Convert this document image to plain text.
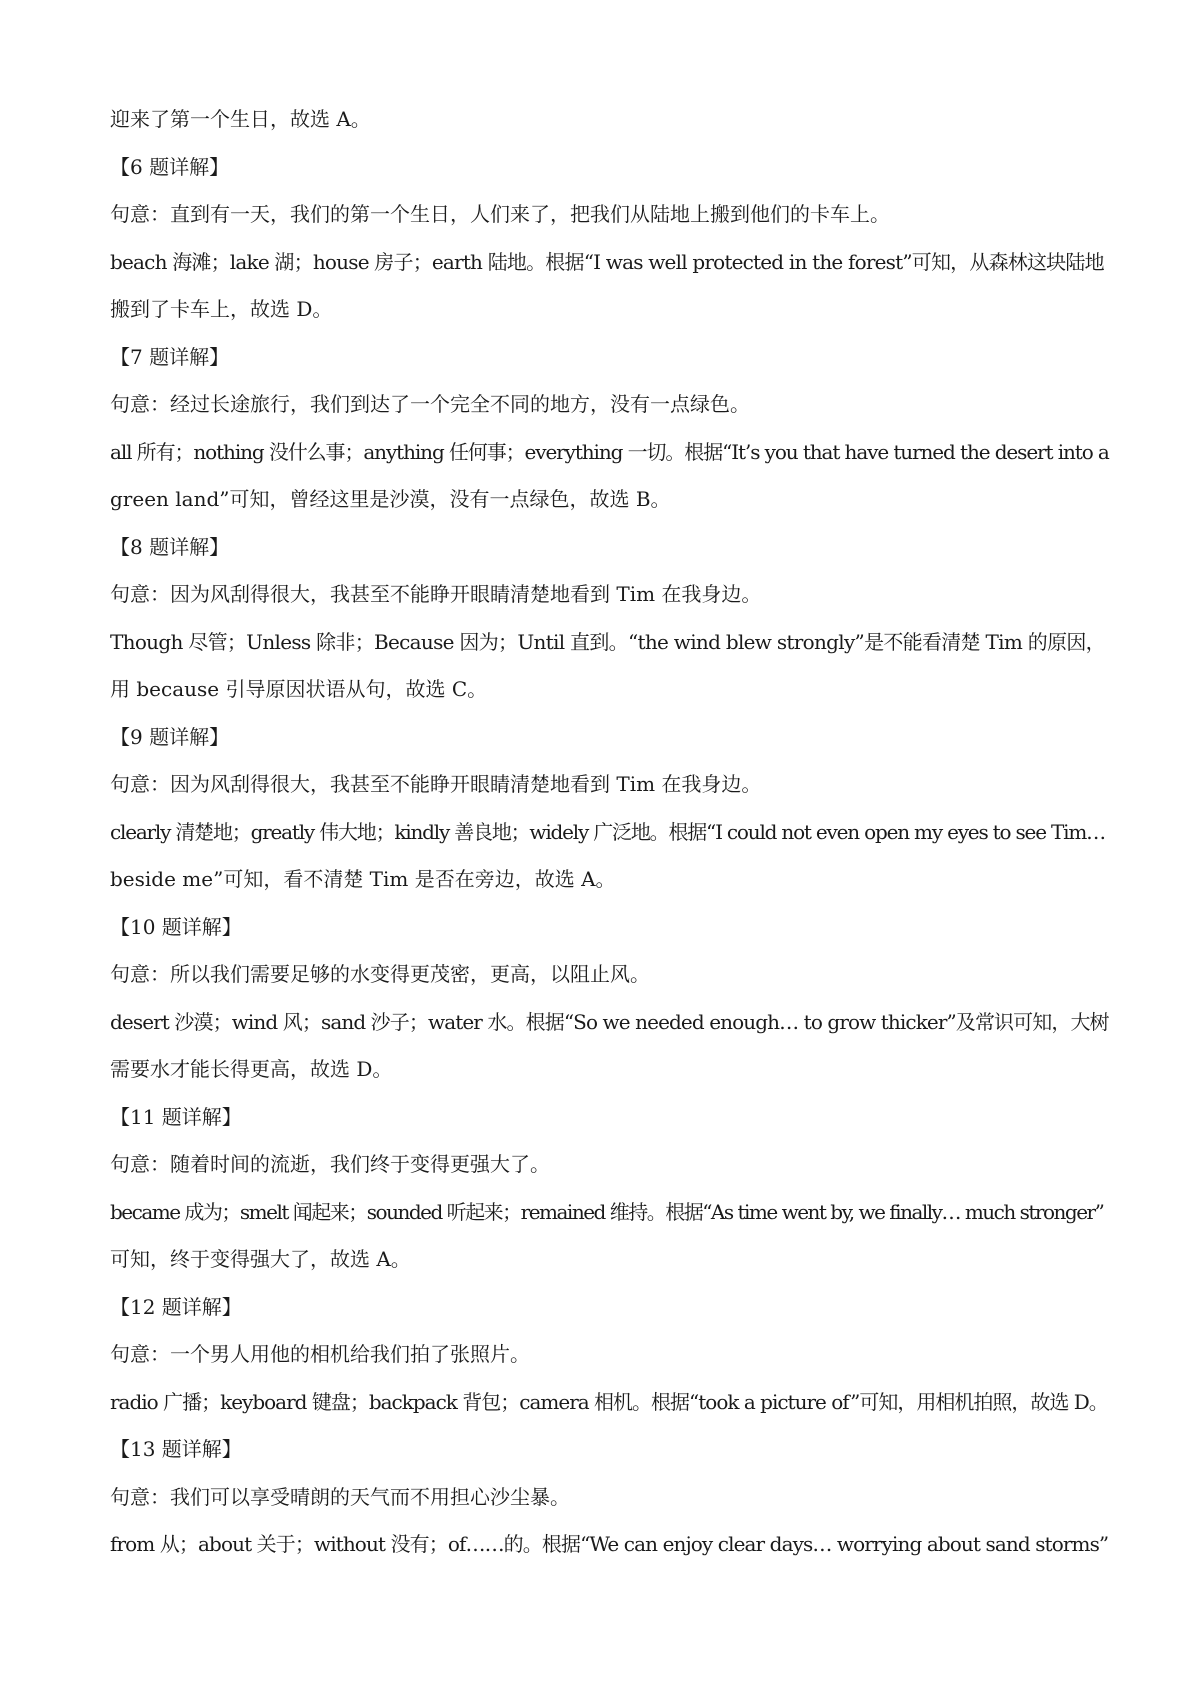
迎来了第一个生日，故选 A。
【6 题详解】
句意：直到有一天，我们的第一个生日，人们来了，把我们从陆地上搬到他们的卡车上。
beach 海滩；lake 湖；house 房子；earth 陆地。根据“I was well protected in the forest”可知，从森林这块陆地
搬到了卡车上，故选 D。
【7 题详解】
句意：经过长途旅行，我们到达了一个完全不同的地方，没有一点绿色。
all 所有；nothing 没什么事；anything 任何事；everything 一切。根据“It’s you that have turned the desert into a
green land”可知，曾经这里是沙漠，没有一点绿色，故选 B。
【8 题详解】
句意：因为风刮得很大，我甚至不能睁开眼睛清楚地看到 Tim 在我身边。
Though 尽管；Unless 除非；Because 因为；Until 直到。“the wind blew strongly”是不能看清楚 Tim 的原因，
用 because 引导原因状语从句，故选 C。
【9 题详解】
句意：因为风刮得很大，我甚至不能睁开眼睛清楚地看到 Tim 在我身边。
clearly 清楚地；greatly 伟大地；kindly 善良地；widely 广泛地。根据“I could not even open my eyes to see Tim…
beside me”可知，看不清楚 Tim 是否在旁边，故选 A。
【10 题详解】
句意：所以我们需要足够的水变得更茂密，更高，以阻止风。
desert 沙漠；wind 风；sand 沙子；water 水。根据“So we needed enough… to grow thicker”及常识可知，大树
需要水才能长得更高，故选 D。
【11 题详解】
句意：随着时间的流逝，我们终于变得更强大了。
became 成为；smelt 闻起来；sounded 听起来；remained 维持。根据“As time went by, we finally… much stronger”
可知，终于变得强大了，故选 A。
【12 题详解】
句意：一个男人用他的相机给我们拍了张照片。
radio 广播；keyboard 键盘；backpack 背包；camera 相机。根据“took a picture of”可知，用相机拍照，故选 D。
【13 题详解】
句意：我们可以享受晴朗的天气而不用担心沙尘暴。
from 从；about 关于；without 没有；of……的。根据“We can enjoy clear days… worrying about sand storms”
